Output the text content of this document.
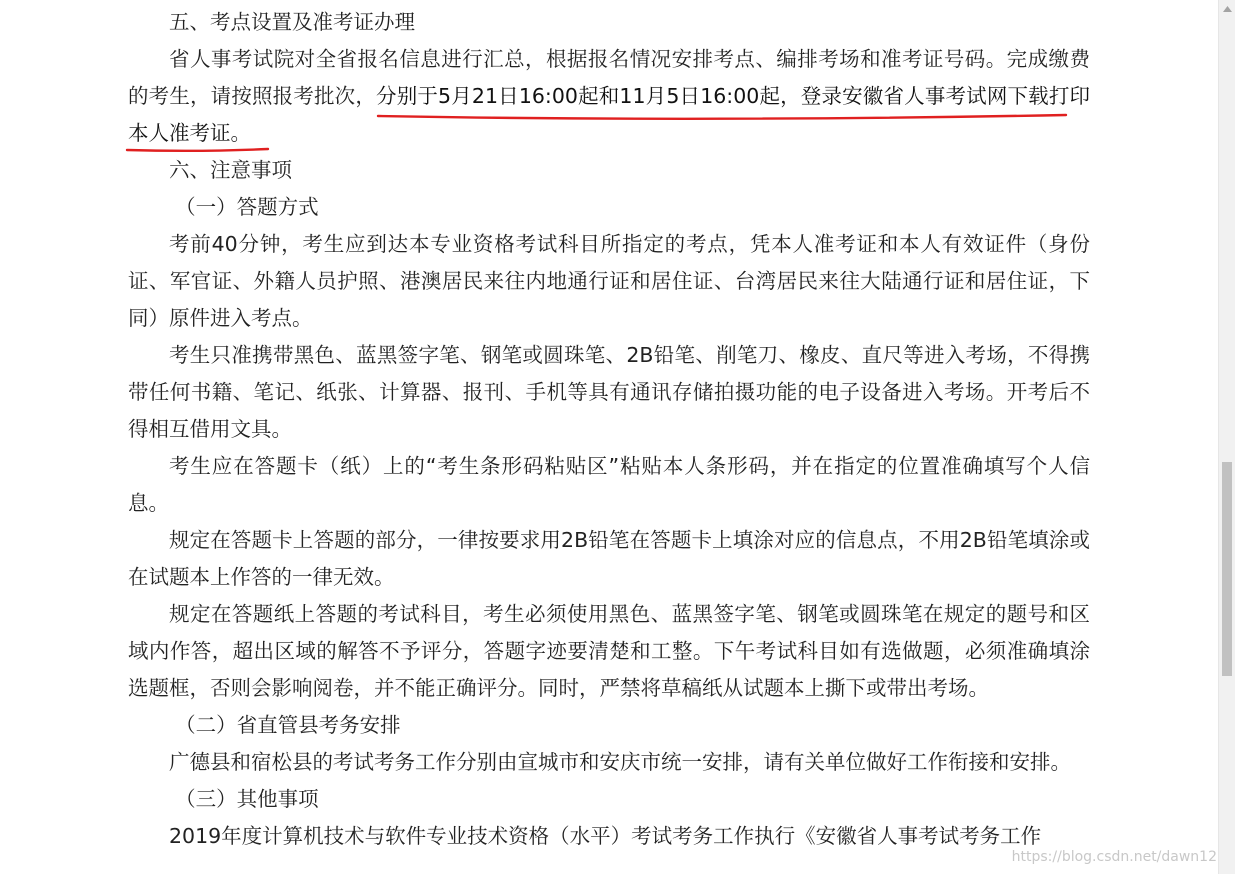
五、考点设置及准考证办理

省人事考试院对全省报名信息进行汇总，根据报名情况安排考点、编排考场和准考证号码。完成缴费的考生，请按照报考批次，分别于5月21日16:00起和11月5日16:00起，登录安徽省人事考试网下载打印本人准考证。

六、注意事项

（一）答题方式

考前40分钟，考生应到达本专业资格考试科目所指定的考点，凭本人准考证和本人有效证件（身份证、军官证、外籍人员护照、港澳居民来往内地通行证和居住证、台湾居民来往大陆通行证和居住证，下同）原件进入考点。

考生只准携带黑色、蓝黑签字笔、钢笔或圆珠笔、2B铅笔、削笔刀、橡皮、直尺等进入考场，不得携带任何书籍、笔记、纸张、计算器、报刊、手机等具有通讯存储拍摄功能的电子设备进入考场。开考后不得相互借用文具。

考生应在答题卡（纸）上的“考生条形码粘贴区”粘贴本人条形码，并在指定的位置准确填写个人信息。

规定在答题卡上答题的部分，一律按要求用2B铅笔在答题卡上填涂对应的信息点，不用2B铅笔填涂或在试题本上作答的一律无效。

规定在答题纸上答题的考试科目，考生必须使用黑色、蓝黑签字笔、钢笔或圆珠笔在规定的题号和区域内作答，超出区域的解答不予评分，答题字迹要清楚和工整。下午考试科目如有选做题，必须准确填涂选题框，否则会影响阅卷，并不能正确评分。同时，严禁将草稿纸从试题本上撕下或带出考场。

（二）省直管县考务安排

广德县和宿松县的考试考务工作分别由宣城市和安庆市统一安排，请有关单位做好工作衔接和安排。

（三）其他事项

2019年度计算机技术与软件专业技术资格（水平）考试考务工作执行《安徽省人事考试考务工作

https://blog.csdn.net/dawn12
